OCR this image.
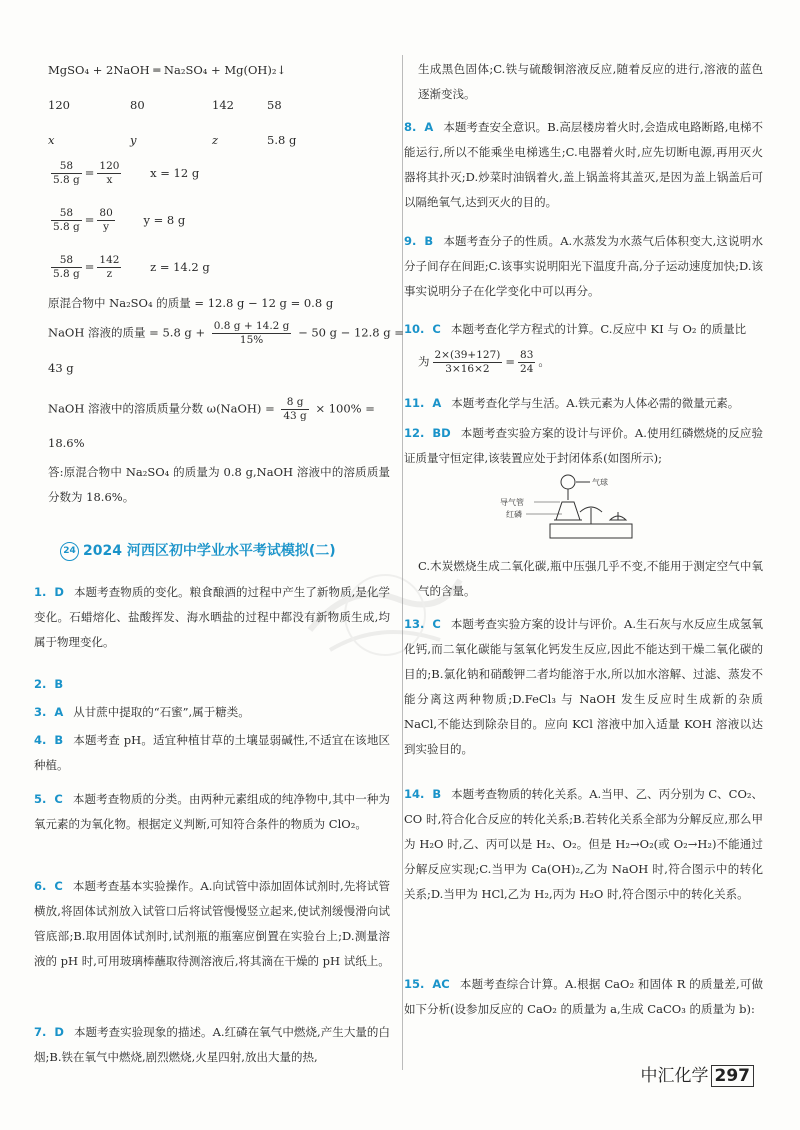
MgSO₄ + 2NaOH ═ Na₂SO₄ + Mg(OH)₂↓
120	80	142	58
x	y	z	5.8 g
$\frac{58}{5.8 g} = \frac{120}{x}$ x = 12 g
$\frac{58}{5.8 g} = \frac{80}{y}$ y = 8 g
$\frac{58}{5.8 g} = \frac{142}{z}$ z = 14.2 g
原混合物中 Na₂SO₄ 的质量 = 12.8 g − 12 g = 0.8 g
NaOH 溶液的质量 = 5.8 $g + \frac{0.8 g + 14.2 g}{15\%} - 50$ g − 12.8 g =
43 g
NaOH 溶液中的溶质质量分数 ω(NaOH) = $\frac{8 g}{43 g} \times 100\%$ =
18.6%
答:原混合物中 Na₂SO₄ 的质量为 0.8 g,NaOH 溶液中的溶质质量分数为 18.6%。
24 2024 河西区初中学业水平考试模拟(二)
1. D 本题考查物质的变化。粮食酿酒的过程中产生了新物质,是化学变化。石蜡熔化、盐酸挥发、海水晒盐的过程中都没有新物质生成,均属于物理变化。
2. B
3. A 从甘蔗中提取的“石蜜”,属于糖类。
4. B 本题考查 pH。适宜种植甘草的土壤显弱碱性,不适宜在该地区种植。
5. C 本题考查物质的分类。由两种元素组成的纯净物中,其中一种为氧元素的为氧化物。根据定义判断,可知符合条件的物质为 ClO₂。
6. C 本题考查基本实验操作。A.向试管中添加固体试剂时,先将试管横放,将固体试剂放入试管口后将试管慢慢竖立起来,使试剂缓慢滑向试管底部;B.取用固体试剂时,试剂瓶的瓶塞应倒置在实验台上;D.测量溶液的 pH 时,可用玻璃棒蘸取待测溶液后,将其滴在干燥的 pH 试纸上。
7. D 本题考查实验现象的描述。A.红磷在氧气中燃烧,产生大量的白烟;B.铁在氧气中燃烧,剧烈燃烧,火星四射,放出大量的热,
生成黑色固体;C.铁与硫酸铜溶液反应,随着反应的进行,溶液的蓝色逐渐变浅。
8. A 本题考查安全意识。B.高层楼房着火时,会造成电路断路,电梯不能运行,所以不能乘坐电梯逃生;C.电器着火时,应先切断电源,再用灭火器将其扑灭;D.炒菜时油锅着火,盖上锅盖将其盖灭,是因为盖上锅盖后可以隔绝氧气,达到灭火的目的。
9. B 本题考查分子的性质。A.水蒸发为水蒸气后体积变大,这说明水分子间存在间距;C.该事实说明阳光下温度升高,分子运动速度加快;D.该事实说明分子在化学变化中可以再分。
10. C 本题考查化学方程式的计算。C.反应中 KI 与 O₂ 的质量比
为 $\frac{2\times(39+127)}{3\times 16\times 2} = \frac{83}{24}$ 。
11. A 本题考查化学与生活。A.铁元素为人体必需的微量元素。
12. BD 本题考查实验方案的设计与评价。A.使用红磷燃烧的反应验证质量守恒定律,该装置应处于封闭体系(如图所示);
气球
导气管
红磷
C.木炭燃烧生成二氧化碳,瓶中压强几乎不变,不能用于测定空气中氧气的含量。
13. C 本题考查实验方案的设计与评价。A.生石灰与水反应生成氢氧化钙,而二氧化碳能与氢氧化钙发生反应,因此不能达到干燥二氧化碳的目的;B.氯化钠和硝酸钾二者均能溶于水,所以加水溶解、过滤、蒸发不能分离这两种物质;D.FeCl₃ 与 NaOH 发生反应时生成新的杂质 NaCl,不能达到除杂目的。应向 KCl 溶液中加入适量 KOH 溶液以达到实验目的。
14. B 本题考查物质的转化关系。A.当甲、乙、丙分别为 C、CO₂、CO 时,符合化合反应的转化关系;B.若转化关系全部为分解反应,那么甲为 H₂O 时,乙、丙可以是 H₂、O₂。但是 H₂→O₂(或 O₂→H₂)不能通过分解反应实现;C.当甲为 Ca(OH)₂,乙为 NaOH 时,符合图示中的转化关系;D.当甲为 HCl,乙为 H₂,丙为 H₂O 时,符合图示中的转化关系。
15. AC 本题考查综合计算。A.根据 CaO₂ 和固体 R 的质量差,可做如下分析(设参加反应的 CaO₂ 的质量为 a,生成 CaCO₃ 的质量为 b):
中汇化学 297
